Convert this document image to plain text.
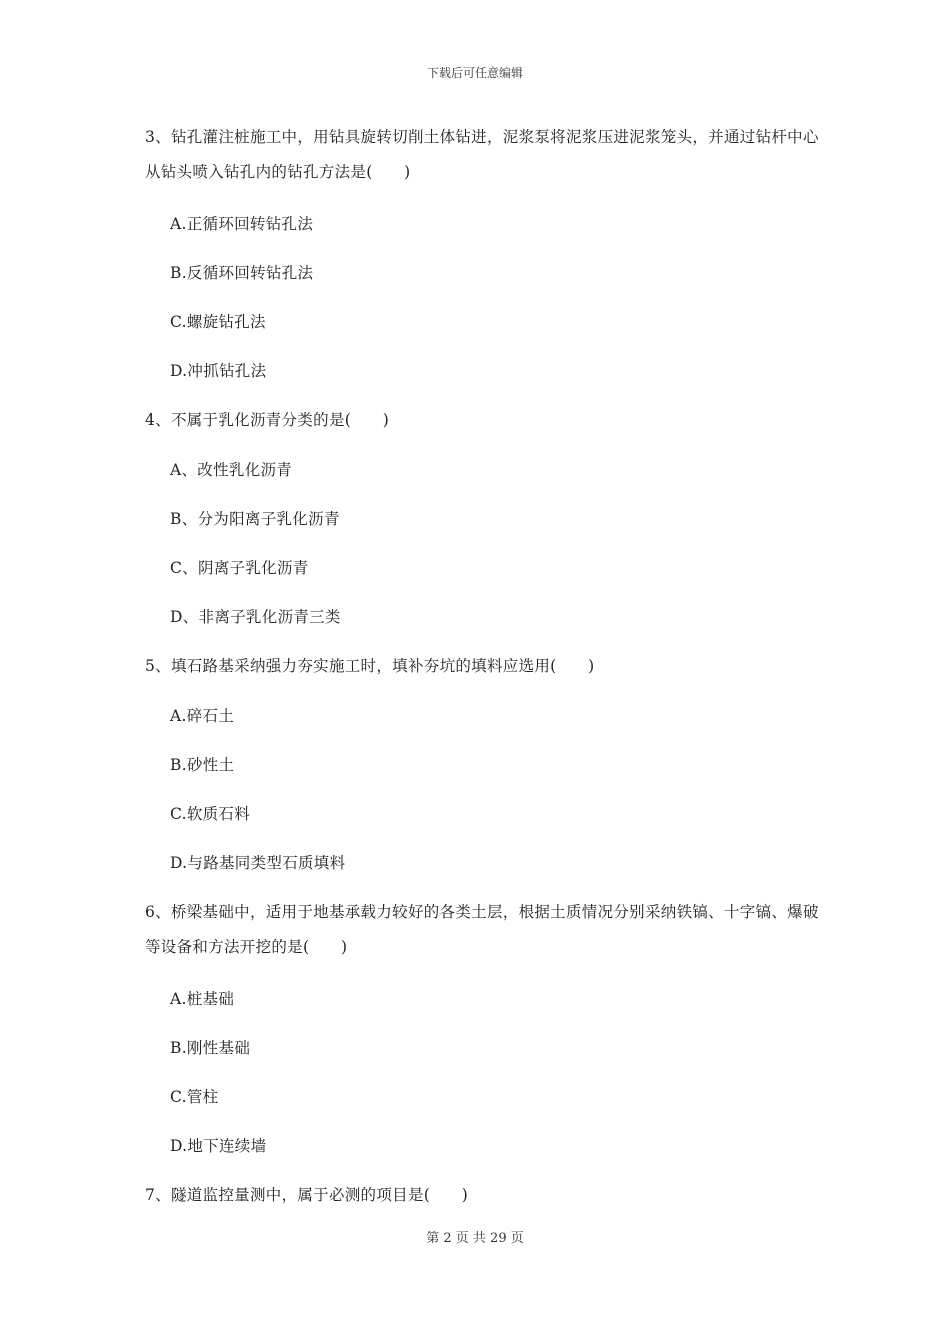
下载后可任意编辑
3、钻孔灌注桩施工中，用钻具旋转切削土体钻进，泥浆泵将泥浆压进泥浆笼头，并通过钻杆中心从钻头喷入钻孔内的钻孔方法是(　　)
A.正循环回转钻孔法
B.反循环回转钻孔法
C.螺旋钻孔法
D.冲抓钻孔法
4、不属于乳化沥青分类的是(　　)
A、改性乳化沥青
B、分为阳离子乳化沥青
C、阴离子乳化沥青
D、非离子乳化沥青三类
5、填石路基采纳强力夯实施工时，填补夯坑的填料应选用(　　)
A.碎石土
B.砂性土
C.软质石料
D.与路基同类型石质填料
6、桥梁基础中，适用于地基承载力较好的各类土层，根据土质情况分别采纳铁镐、十字镐、爆破等设备和方法开挖的是(　　)
A.桩基础
B.刚性基础
C.管柱
D.地下连续墙
7、隧道监控量测中，属于必测的项目是(　　)
第 2 页 共 29 页
